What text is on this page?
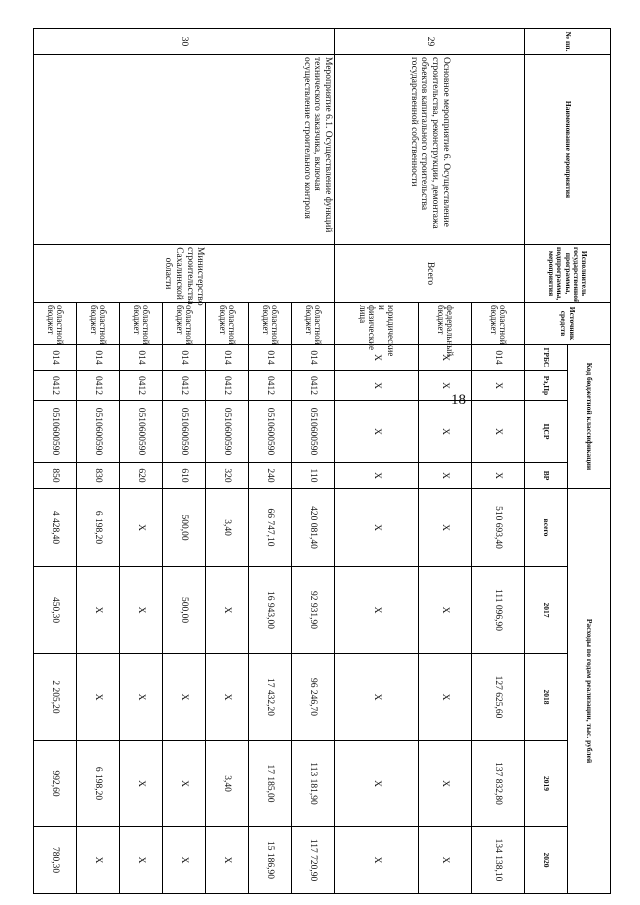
18
№ пп.	Наименование мероприятия	Исполнитель государственной программы, подпрограммы, мероприятия	Источник средств	Код бюджетной классификации				Расходы по годам реализации, тыс. рублей				
				ГРБС	Рз,Пр	ЦСР	ВР	всего	2017	2018	2019	2020
29	Основное мероприятие 6. Осуществление строительства, реконструкции, демонтажа объектов капитального строительства государственной собственности	Всего	областной бюджет	014	Х	Х	Х	510 693,40	111 096,90	127 625,60	137 832,80	134 138,10
			федеральный бюджет	Х	Х	Х	Х	Х	Х	Х	Х	Х
			юридические и физические лица	Х	Х	Х	Х	Х	Х	Х	Х	Х
30	Мероприятие 6.1. Осуществление функций технического заказчика, включая осуществление строительного контроля	Министерство строительства Сахалинской области	областной бюджет	014	0412	0510600590	110	420 081,40	92 931,90	96 246,70	113 181,90	117 720,90
			областной бюджет	014	0412	0510600590	240	66 747,10	16 943,00	17 432,20	17 185,00	15 186,90
			областной бюджет	014	0412	0510600590	320	3,40	Х	Х	3,40	Х
			областной бюджет	014	0412	0510600590	610	500,00	500,00	Х	Х	Х
			областной бюджет	014	0412	0510600590	620	Х	Х	Х	Х	Х
			областной бюджет	014	0412	0510600590	830	6 198,20	Х	Х	6 198,20	Х
			областной бюджет	014	0412	0510600590	850	4 428,40	450,30	2 205,20	992,60	780,30
